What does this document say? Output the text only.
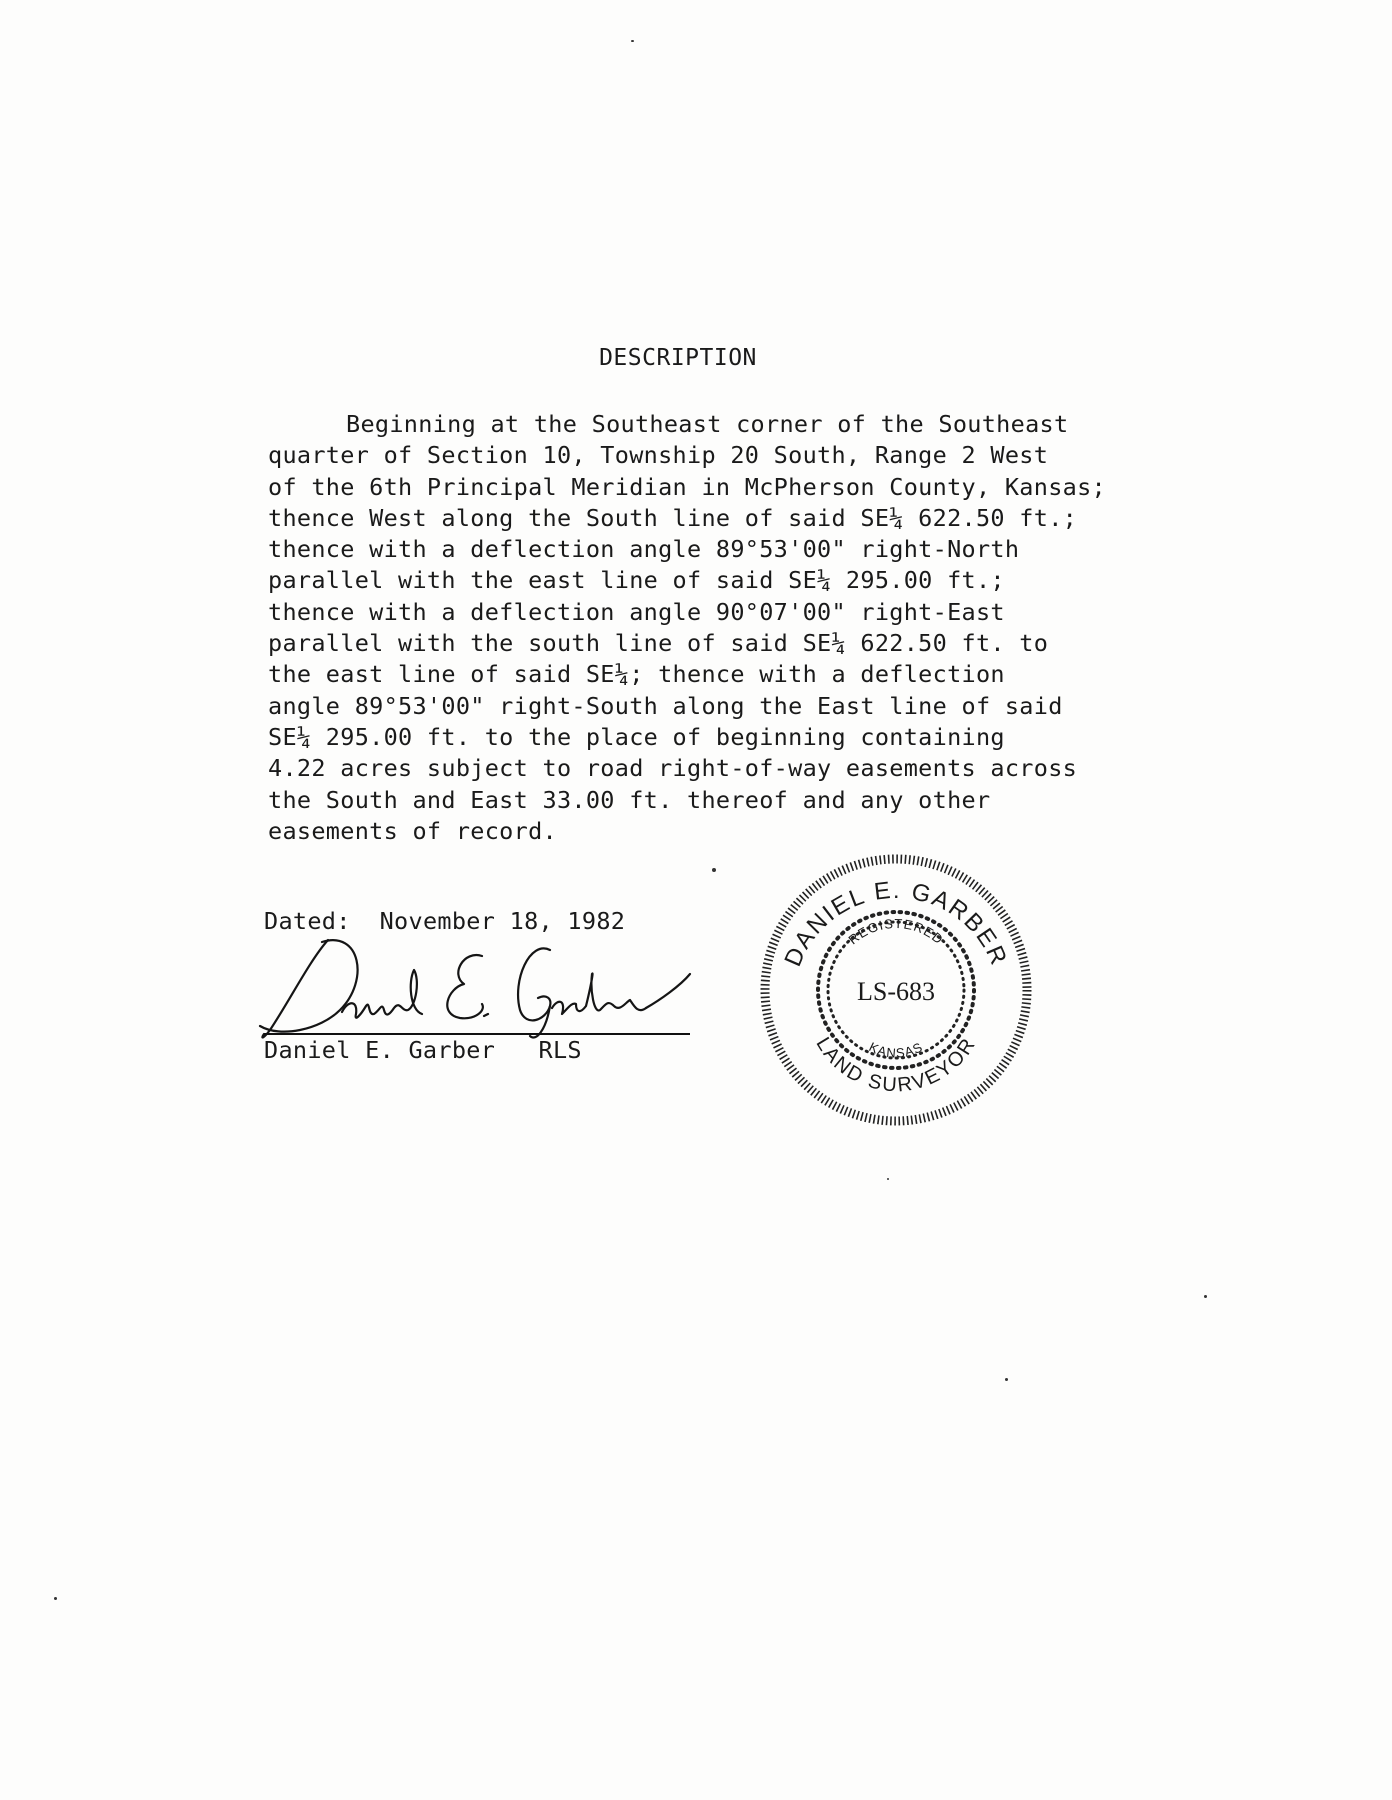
DESCRIPTION
Beginning at the Southeast corner of the Southeast
quarter of Section 10, Township 20 South, Range 2 West
of the 6th Principal Meridian in McPherson County, Kansas;
thence West along the South line of said SE¼ 622.50 ft.;
thence with a deflection angle 89°53'00" right-North
parallel with the east line of said SE¼ 295.00 ft.;
thence with a deflection angle 90°07'00" right-East
parallel with the south line of said SE¼ 622.50 ft. to
the east line of said SE¼; thence with a deflection
angle 89°53'00" right-South along the East line of said
SE¼ 295.00 ft. to the place of beginning containing
4.22 acres subject to road right-of-way easements across
the South and East 33.00 ft. thereof and any other
easements of record.
Dated: November 18, 1982
Daniel E. Garber RLS
DANIEL E. GARBER
LAND SURVEYOR
REGISTERED
KANSAS
LS-683
